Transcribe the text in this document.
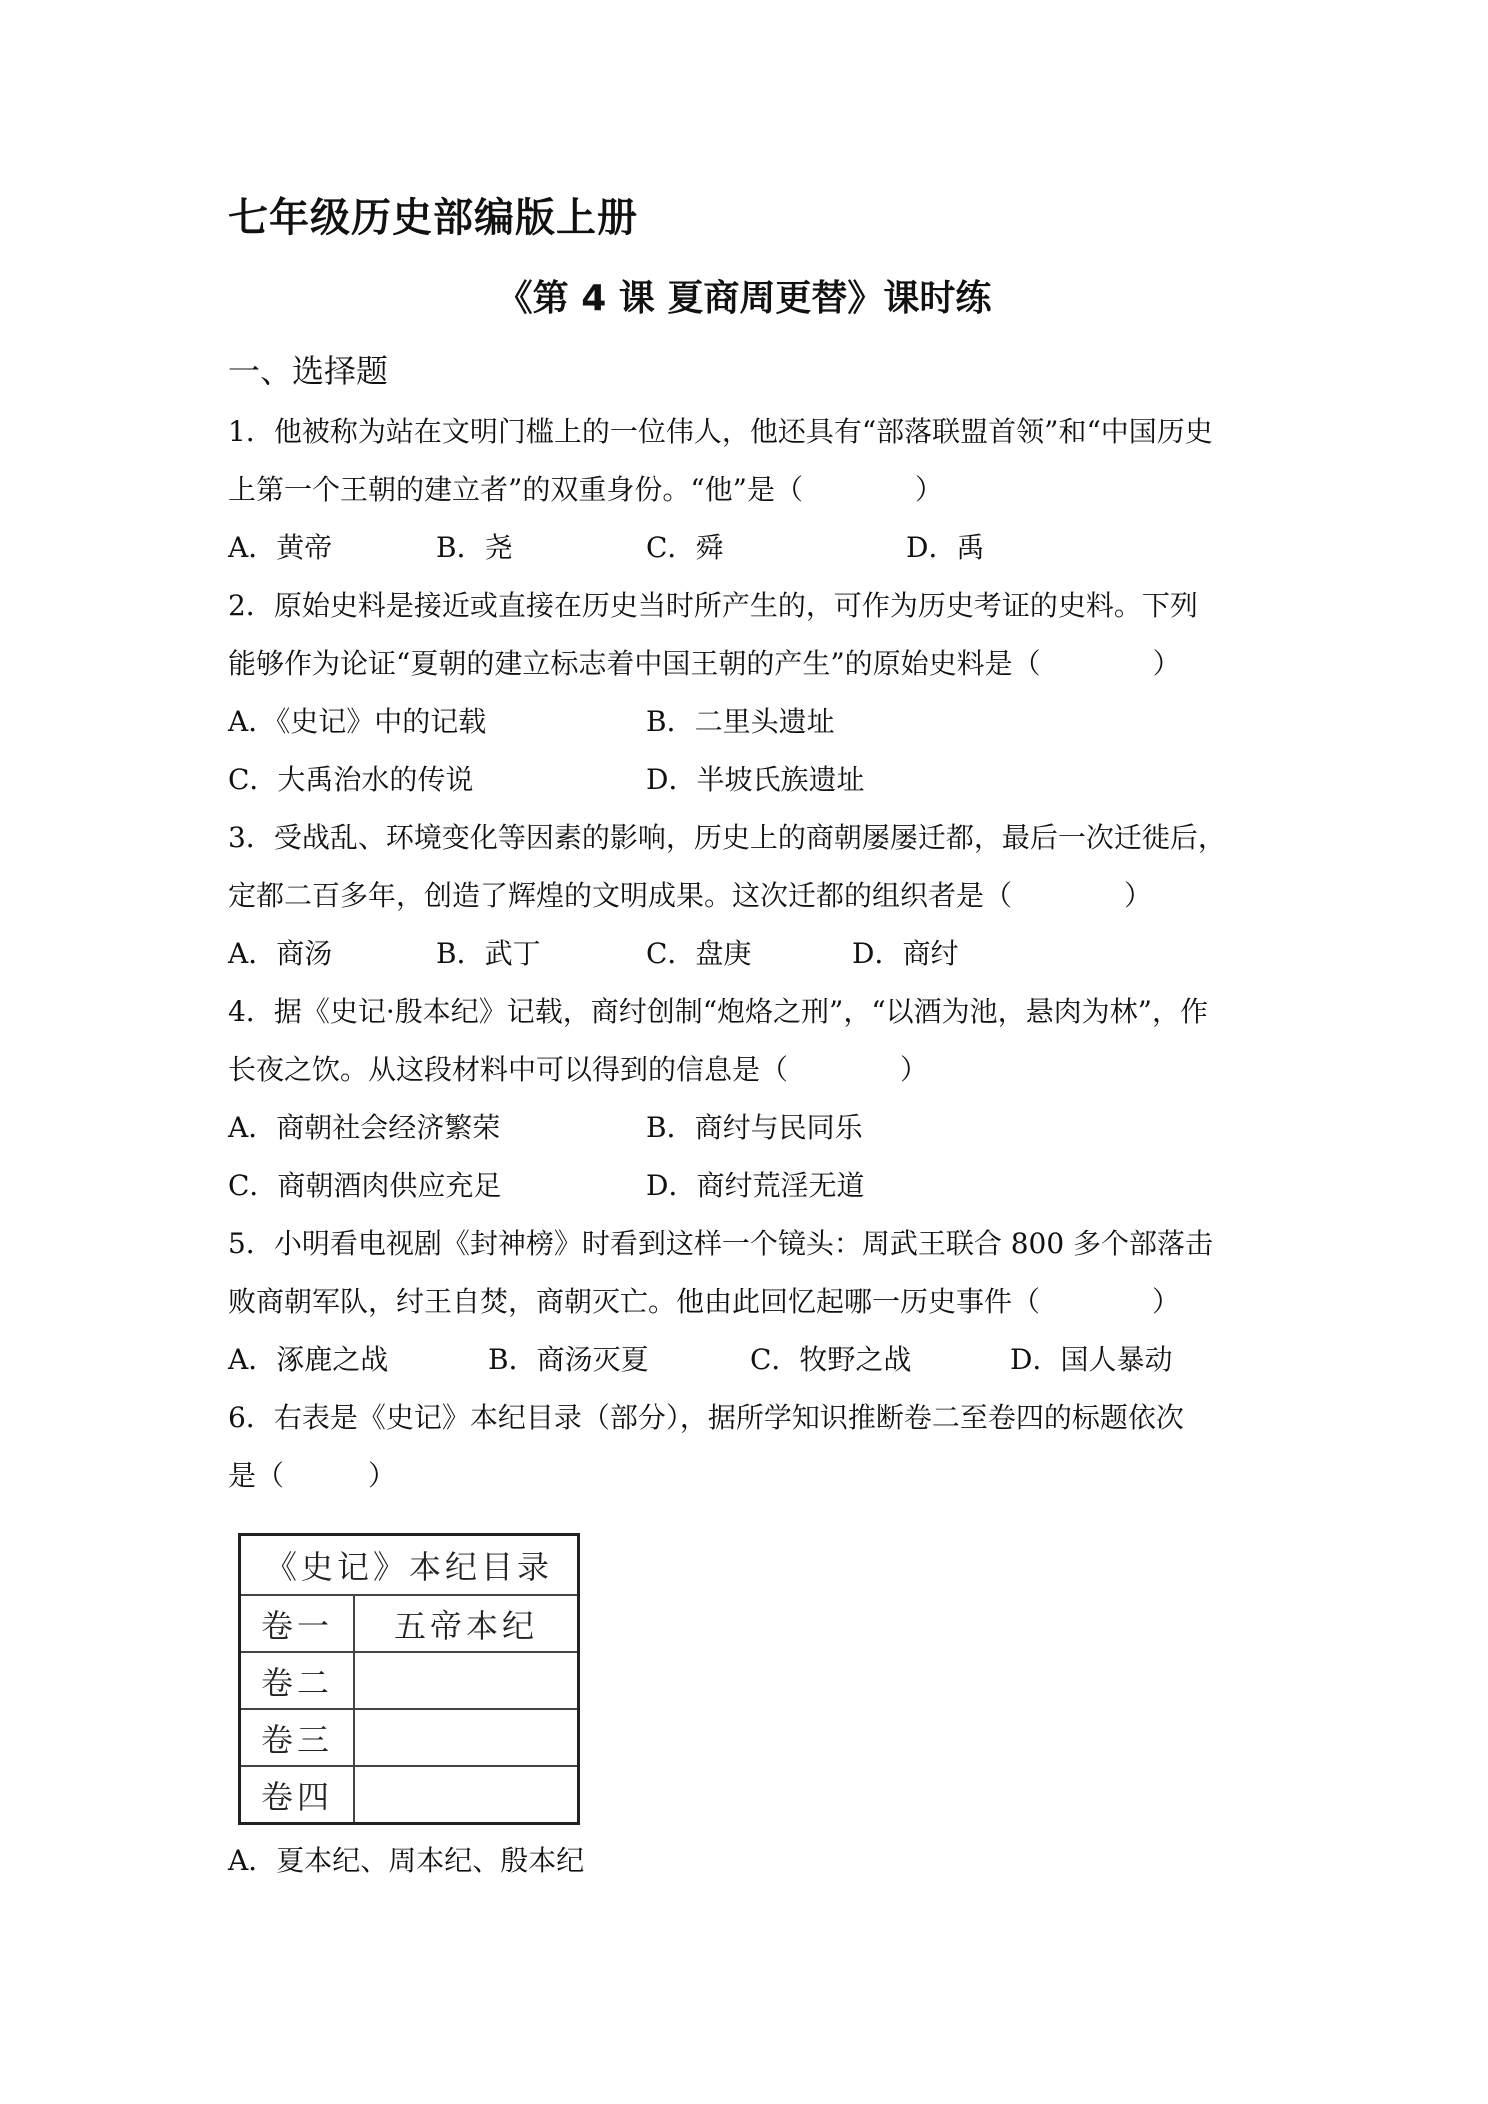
七年级历史部编版上册
《第 4 课 夏商周更替》课时练
一、选择题
1．他被称为站在文明门槛上的一位伟人，他还具有“部落联盟首领”和“中国历史
上第一个王朝的建立者”的双重身份。“他”是（　　　　）
A．黄帝	B．尧	C．舜	D．禹
2．原始史料是接近或直接在历史当时所产生的，可作为历史考证的史料。下列
能够作为论证“夏朝的建立标志着中国王朝的产生”的原始史料是（　　　　）
A．《史记》中的记载	B．二里头遗址
C．大禹治水的传说	D．半坡氏族遗址
3．受战乱、环境变化等因素的影响，历史上的商朝屡屡迁都，最后一次迁徙后，
定都二百多年，创造了辉煌的文明成果。这次迁都的组织者是（　　　　）
A．商汤	B．武丁	C．盘庚	D．商纣
4．据《史记·殷本纪》记载，商纣创制“炮烙之刑”，“以酒为池，悬肉为林”，作
长夜之饮。从这段材料中可以得到的信息是（　　　　）
A．商朝社会经济繁荣	B．商纣与民同乐
C．商朝酒肉供应充足	D．商纣荒淫无道
5．小明看电视剧《封神榜》时看到这样一个镜头：周武王联合 800 多个部落击
败商朝军队，纣王自焚，商朝灭亡。他由此回忆起哪一历史事件（　　　　）
A．涿鹿之战	B．商汤灭夏	C．牧野之战	D．国人暴动
6．右表是《史记》本纪目录（部分），据所学知识推断卷二至卷四的标题依次
是（　　　）
《史记》本纪目录	
卷一	五帝本纪
卷二	
卷三	
卷四	
A．夏本纪、周本纪、殷本纪
